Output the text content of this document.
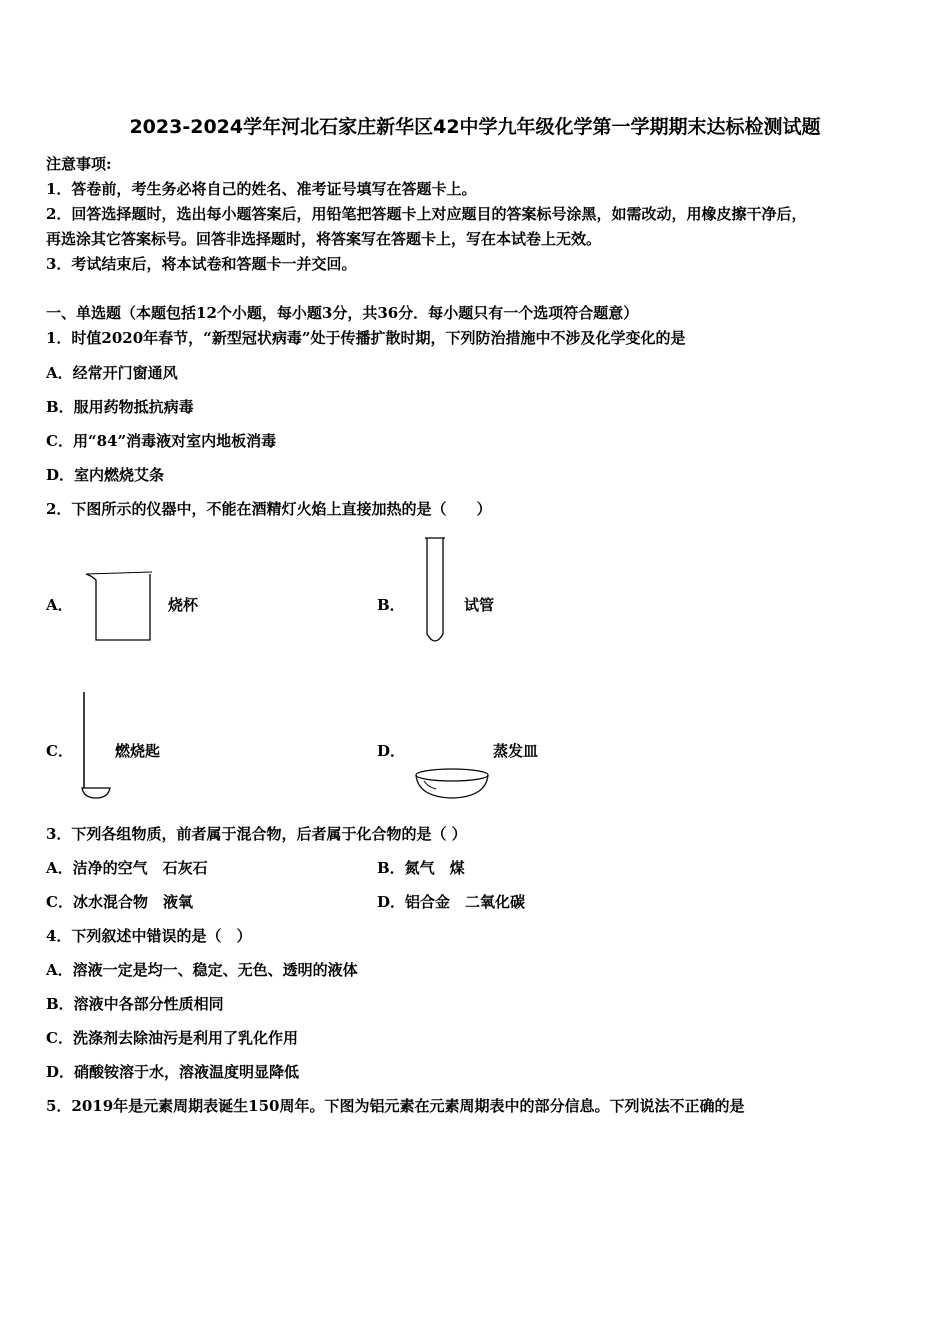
2023-2024学年河北石家庄新华区42中学九年级化学第一学期期末达标检测试题
注意事项:
1．答卷前，考生务必将自己的姓名、准考证号填写在答题卡上。
2．回答选择题时，选出每小题答案后，用铅笔把答题卡上对应题目的答案标号涂黑，如需改动，用橡皮擦干净后，
再选涂其它答案标号。回答非选择题时，将答案写在答题卡上，写在本试卷上无效。
3．考试结束后，将本试卷和答题卡一并交回。
一、单选题（本题包括12个小题，每小题3分，共36分．每小题只有一个选项符合题意）
1．时值2020年春节，“新型冠状病毒”处于传播扩散时期，下列防治措施中不涉及化学变化的是
A．经常开门窗通风
B．服用药物抵抗病毒
C．用“84”消毒液对室内地板消毒
D．室内燃烧艾条
2．下图所示的仪器中，不能在酒精灯火焰上直接加热的是（　　）
A．	烧杯	B．	试管
C．	燃烧匙	D．	蒸发皿
3．下列各组物质，前者属于混合物，后者属于化合物的是（ ）
A．洁净的空气　石灰石	B．氮气　煤
C．冰水混合物　液氧	D．铝合金　二氧化碳
4．下列叙述中错误的是（　）
A．溶液一定是均一、稳定、无色、透明的液体
B．溶液中各部分性质相同
C．洗涤剂去除油污是利用了乳化作用
D．硝酸铵溶于水，溶液温度明显降低
5．2019年是元素周期表诞生150周年。下图为铝元素在元素周期表中的部分信息。下列说法不正确的是
